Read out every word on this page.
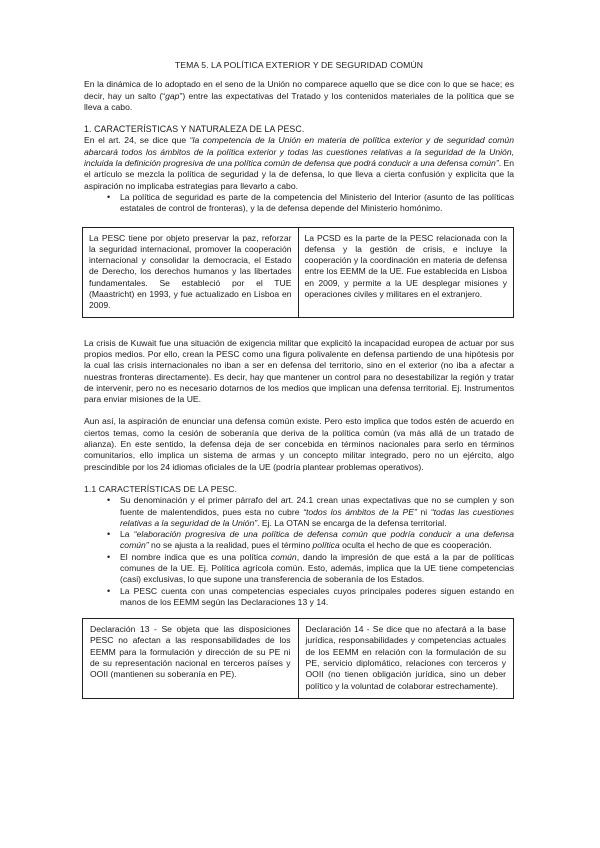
TEMA 5. LA POLÍTICA EXTERIOR Y DE SEGURIDAD COMÚN

En la dinámica de lo adoptado en el seno de la Unión no comparece aquello que se dice con lo que se hace; es decir, hay un salto (“gap”) entre las expectativas del Tratado y los contenidos materiales de la política que se lleva a cabo.

1. CARACTERÍSTICAS Y NATURALEZA DE LA PESC.

En el art. 24, se dice que “la competencia de la Unión en materia de política exterior y de seguridad común abarcará todos los ámbitos de la política exterior y todas las cuestiones relativas a la seguridad de la Unión, incluida la definición progresiva de una política común de defensa que podrá conducir a una defensa común”. En el artículo se mezcla la política de seguridad y la de defensa, lo que lleva a cierta confusión y explicita que la aspiración no implicaba estrategias para llevarlo a cabo.

• La política de seguridad es parte de la competencia del Ministerio del Interior (asunto de las políticas estatales de control de fronteras), y la de defensa depende del Ministerio homónimo.
La PESC tiene por objeto preservar la paz, reforzar la seguridad internacional, promover la cooperación internacional y consolidar la democracia, el Estado de Derecho, los derechos humanos y las libertades fundamentales. Se estableció por el TUE (Maastricht) en 1993, y fue actualizado en Lisboa en 2009.
La PCSD es la parte de la PESC relacionada con la defensa y la gestión de crisis, e incluye la cooperación y la coordinación en materia de defensa entre los EEMM de la UE. Fue establecida en Lisboa en 2009, y permite a la UE desplegar misiones y operaciones civiles y militares en el extranjero.

La crisis de Kuwait fue una situación de exigencia militar que explicitó la incapacidad europea de actuar por sus propios medios. Por ello, crean la PESC como una figura polivalente en defensa partiendo de una hipótesis por la cual las crisis internacionales no iban a ser en defensa del territorio, sino en el exterior (no iba a afectar a nuestras fronteras directamente). Es decir, hay que mantener un control para no desestabilizar la región y tratar de intervenir, pero no es necesario dotarnos de los medios que implican una defensa territorial. Ej. Instrumentos para enviar misiones de la UE.

Aun así, la aspiración de enunciar una defensa común existe. Pero esto implica que todos estén de acuerdo en ciertos temas, como la cesión de soberanía que deriva de la política común (va más allá de un tratado de alianza). En este sentido, la defensa deja de ser concebida en términos nacionales para serlo en términos comunitarios, ello implica un sistema de armas y un concepto militar integrado, pero no un ejército, algo prescindible por los 24 idiomas oficiales de la UE (podría plantear problemas operativos).

1.1 CARACTERÍSTICAS DE LA PESC.
• Su denominación y el primer párrafo del art. 24.1 crean unas expectativas que no se cumplen y son fuente de malentendidos, pues esta no cubre “todos los ámbitos de la PE” ni “todas las cuestiones relativas a la seguridad de la Unión”. Ej. La OTAN se encarga de la defensa territorial.
• La “elaboración progresiva de una política de defensa común que podría conducir a una defensa común” no se ajusta a la realidad, pues el término política oculta el hecho de que es cooperación.
• El nombre indica que es una política común, dando la impresión de que está a la par de políticas comunes de la UE. Ej. Política agrícola común. Esto, además, implica que la UE tiene competencias (casi) exclusivas, lo que supone una transferencia de soberanía de los Estados.
• La PESC cuenta con unas competencias especiales cuyos principales poderes siguen estando en manos de los EEMM según las Declaraciones 13 y 14.
Declaración 13 - Se objeta que las disposiciones PESC no afectan a las responsabilidades de los EEMM para la formulación y dirección de su PE ni de su representación nacional en terceros países y OOII (mantienen su soberanía en PE).
Declaración 14 - Se dice que no afectará a la base jurídica, responsabilidades y competencias actuales de los EEMM en relación con la formulación de su PE, servicio diplomático, relaciones con terceros y OOII (no tienen obligación jurídica, sino un deber político y la voluntad de colaborar estrechamente).
